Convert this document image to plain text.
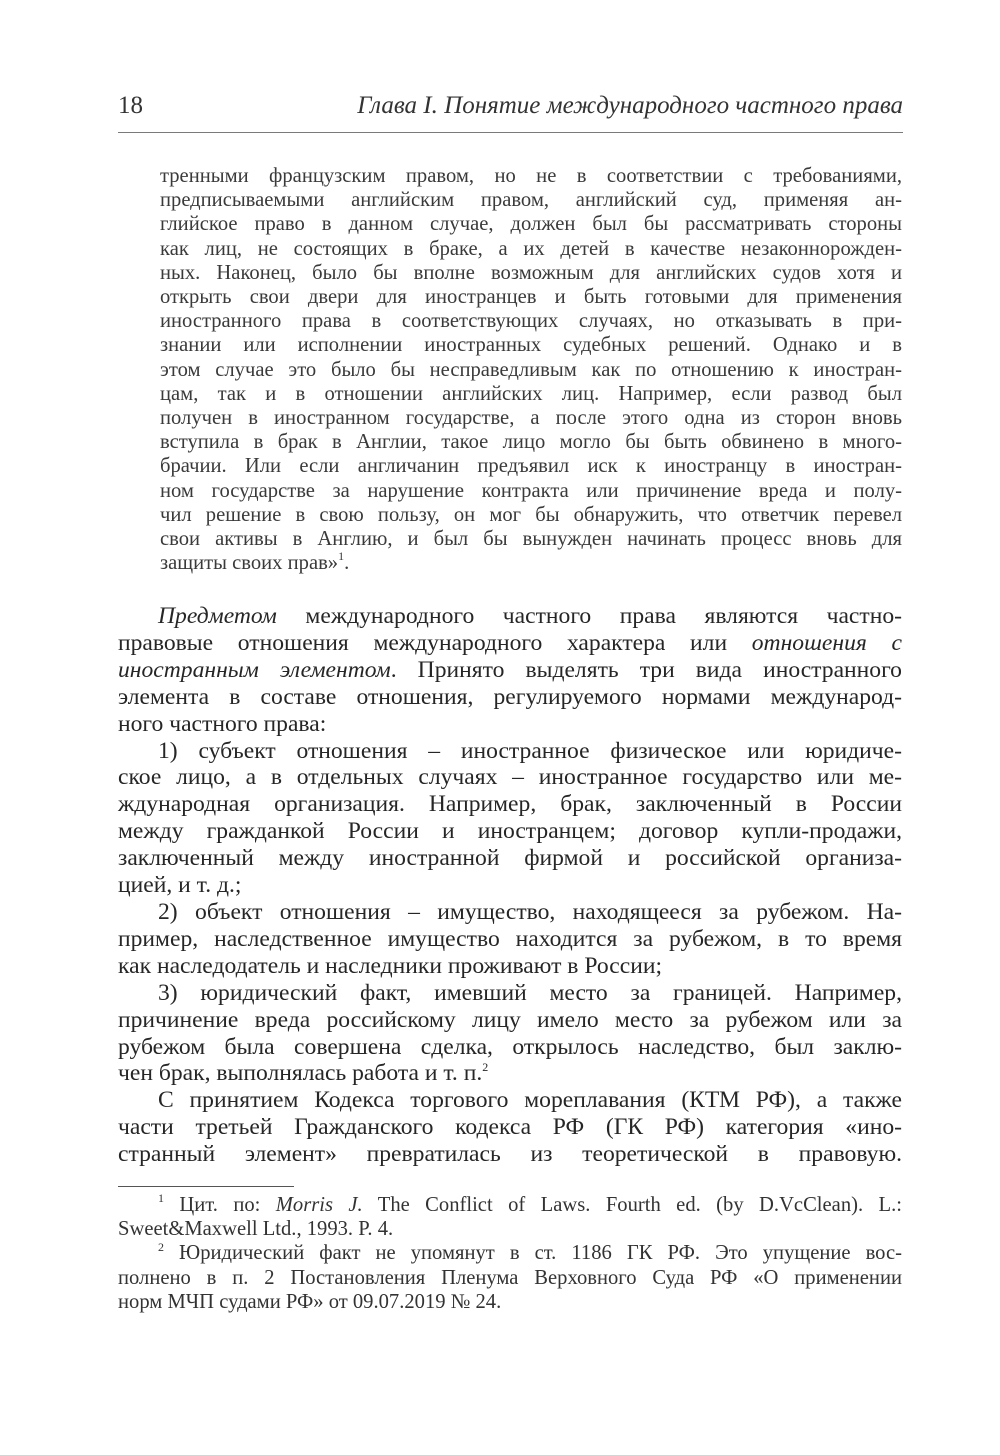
18	Глава I. Понятие международного частного права
тренными французским правом, но не в соответствии с требованиями,
предписываемыми английским правом, английский суд, применяя ан-
глийское право в данном случае, должен был бы рассматривать стороны
как лиц, не состоящих в браке, а их детей в качестве незаконнорожден-
ных. Наконец, было бы вполне возможным для английских судов хотя и
открыть свои двери для иностранцев и быть готовыми для применения
иностранного права в соответствующих случаях, но отказывать в при-
знании или исполнении иностранных судебных решений. Однако и в
этом случае это было бы несправедливым как по отношению к иностран-
цам, так и в отношении английских лиц. Например, если развод был
получен в иностранном государстве, а после этого одна из сторон вновь
вступила в брак в Англии, такое лицо могло бы быть обвинено в много-
брачии. Или если англичанин предъявил иск к иностранцу в иностран-
ном государстве за нарушение контракта или причинение вреда и полу-
чил решение в свою пользу, он мог бы обнаружить, что ответчик перевел
свои активы в Англию, и был бы вынужден начинать процесс вновь для
защиты своих прав»$^1$.
Предметом международного частного права являются частно-
правовые отношения международного характера или отношения с
иностранным элементом. Принято выделять три вида иностранного
элемента в составе отношения, регулируемого нормами международ-
ного частного права:
1) субъект отношения – иностранное физическое или юридиче-
ское лицо, а в отдельных случаях – иностранное государство или ме-
ждународная организация. Например, брак, заключенный в России
между гражданкой России и иностранцем; договор купли-продажи,
заключенный между иностранной фирмой и российской организа-
цией, и т. д.;
2) объект отношения – имущество, находящееся за рубежом. На-
пример, наследственное имущество находится за рубежом, в то время
как наследодатель и наследники проживают в России;
3) юридический факт, имевший место за границей. Например,
причинение вреда российскому лицу имело место за рубежом или за
рубежом была совершена сделка, открылось наследство, был заклю-
чен брак, выполнялась работа и т. п.$^2$
С принятием Кодекса торгового мореплавания (КТМ РФ), а также
части третьей Гражданского кодекса РФ (ГК РФ) категория «ино-
странный элемент» превратилась из теоретической в правовую.
$^1$ Цит. по: Morris J. The Conflict of Laws. Fourth ed. (by D.VcClean). L.:
Sweet&Maxwell Ltd., 1993. P. 4.
$^2$ Юридический факт не упомянут в ст. 1186 ГК РФ. Это упущение вос-
полнено в п. 2 Постановления Пленума Верховного Суда РФ «О применении
норм МЧП судами РФ» от 09.07.2019 № 24.
